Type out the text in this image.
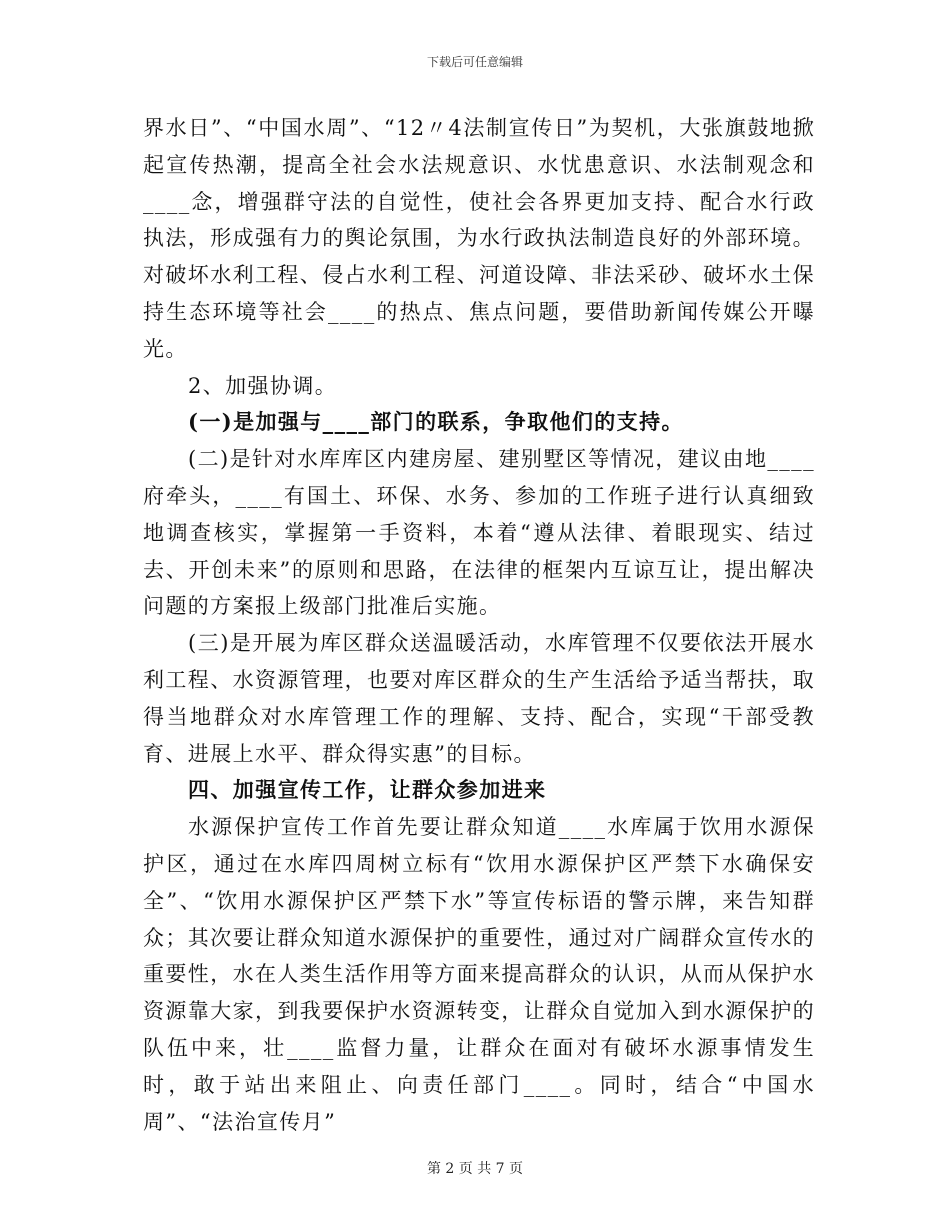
下载后可任意编辑

界水日”、“中国水周”、“12〃4法制宣传日”为契机，大张旗鼓地掀起宣传热潮，提高全社会水法规意识、水忧患意识、水法制观念和____念，增强群守法的自觉性，使社会各界更加支持、配合水行政执法，形成强有力的舆论氛围，为水行政执法制造良好的外部环境。对破坏水利工程、侵占水利工程、河道设障、非法采砂、破坏水土保持生态环境等社会____的热点、焦点问题，要借助新闻传媒公开曝光。

2、加强协调。

(一)是加强与____部门的联系，争取他们的支持。

(二)是针对水库库区内建房屋、建别墅区等情况，建议由地____府牵头，____有国土、环保、水务、参加的工作班子进行认真细致地调查核实，掌握第一手资料，本着“遵从法律、着眼现实、结过去、开创未来”的原则和思路，在法律的框架内互谅互让，提出解决问题的方案报上级部门批准后实施。

(三)是开展为库区群众送温暖活动，水库管理不仅要依法开展水利工程、水资源管理，也要对库区群众的生产生活给予适当帮扶，取得当地群众对水库管理工作的理解、支持、配合，实现“干部受教育、进展上水平、群众得实惠”的目标。

四、加强宣传工作，让群众参加进来

水源保护宣传工作首先要让群众知道____水库属于饮用水源保护区，通过在水库四周树立标有“饮用水源保护区严禁下水确保安全”、“饮用水源保护区严禁下水”等宣传标语的警示牌，来告知群众；其次要让群众知道水源保护的重要性，通过对广阔群众宣传水的重要性，水在人类生活作用等方面来提高群众的认识，从而从保护水资源靠大家，到我要保护水资源转变，让群众自觉加入到水源保护的队伍中来，壮____监督力量，让群众在面对有破坏水源事情发生时，敢于站出来阻止、向责任部门____。同时，结合“中国水周”、“法治宣传月”

第 2 页 共 7 页
